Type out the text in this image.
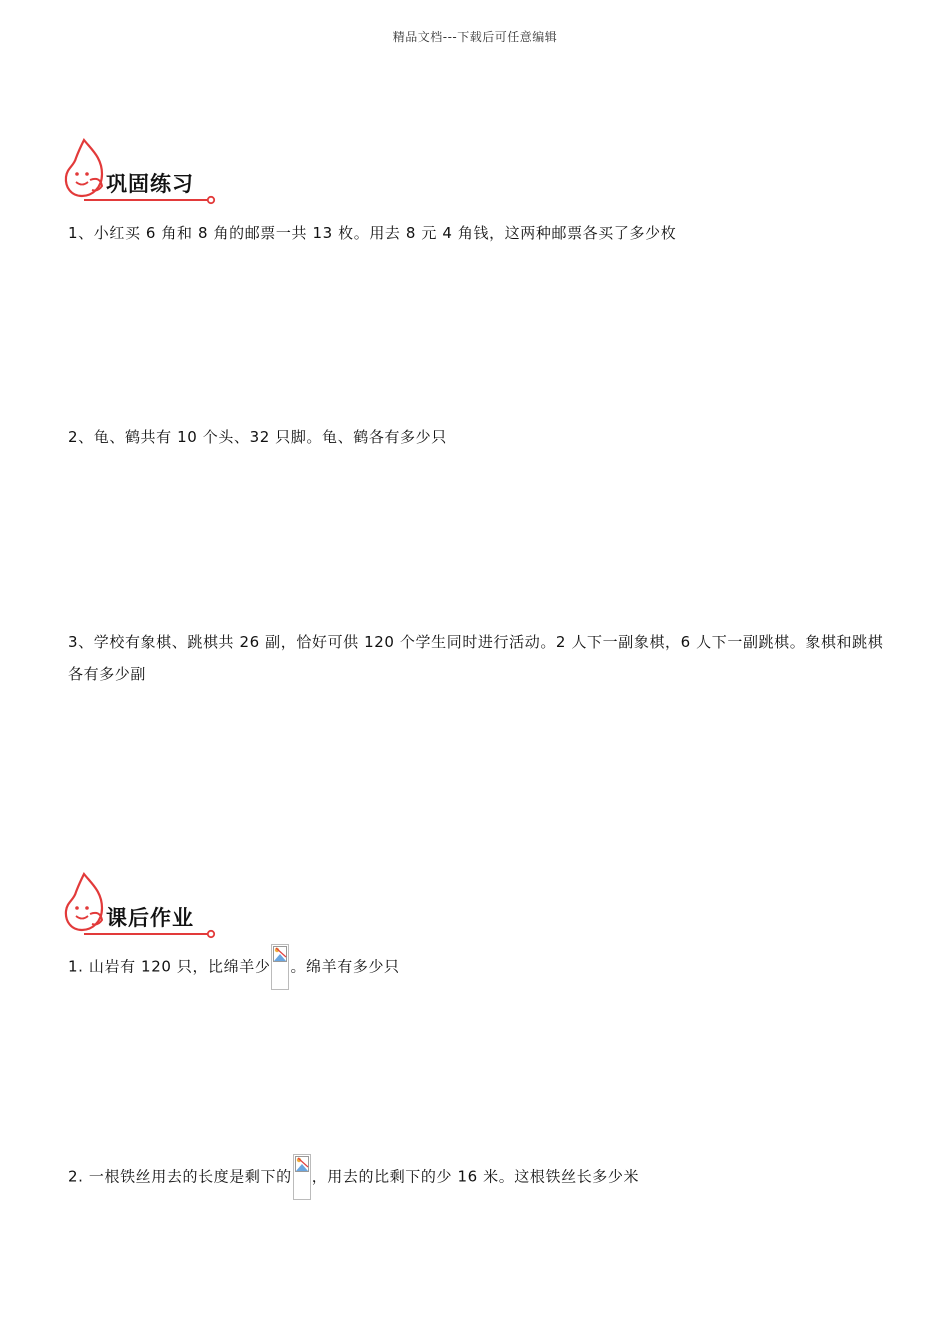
精品文档---下载后可任意编辑
巩固练习
1、小红买 6 角和 8 角的邮票一共 13 枚。用去 8 元 4 角钱，这两种邮票各买了多少枚
2、龟、鹤共有 10 个头、32 只脚。龟、鹤各有多少只
3、学校有象棋、跳棋共 26 副，恰好可供 120 个学生同时进行活动。2 人下一副象棋，6 人下一副跳棋。象棋和跳棋各有多少副
课后作业
1. 山岩有 120 只，比绵羊少 。绵羊有多少只
2. 一根铁丝用去的长度是剩下的 ，用去的比剩下的少 16 米。这根铁丝长多少米
